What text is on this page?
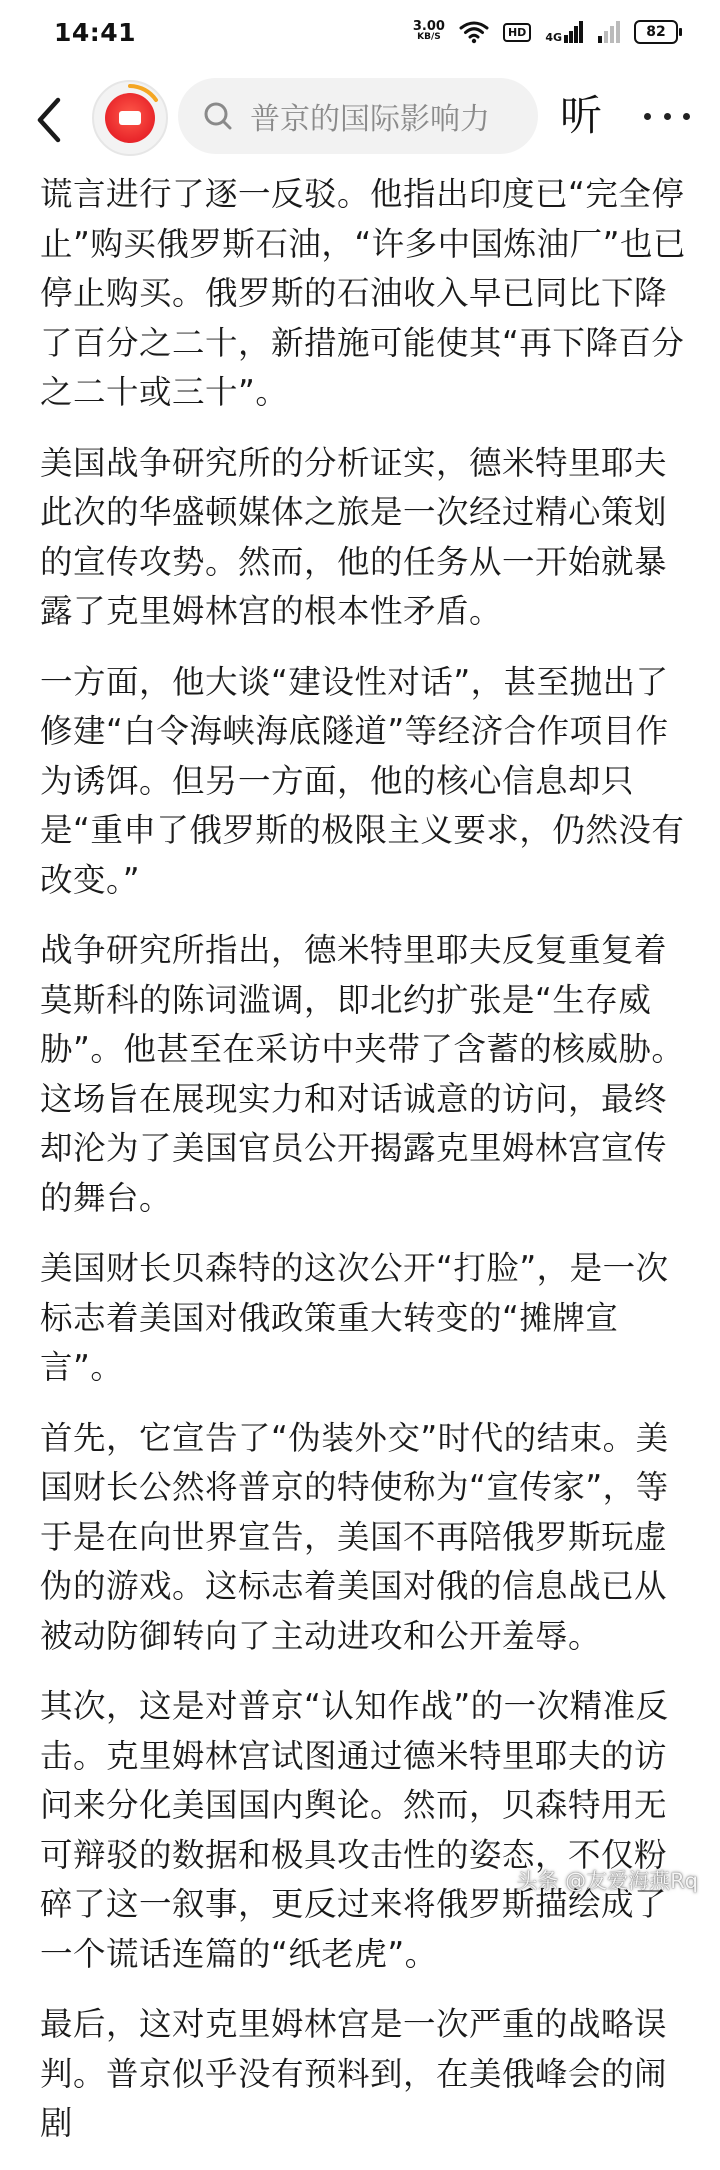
14:41	3.00
KB/S	HD	4G	82
普京的国际影响力 听

谎言进行了逐一反驳。他指出印度已“完全停止”购买俄罗斯石油，“许多中国炼油厂”也已停止购买。俄罗斯的石油收入早已同比下降了百分之二十，新措施可能使其“再下降百分之二十或三十”。

美国战争研究所的分析证实，德米特里耶夫此次的华盛顿媒体之旅是一次经过精心策划的宣传攻势。然而，他的任务从一开始就暴露了克里姆林宫的根本性矛盾。

一方面，他大谈“建设性对话”，甚至抛出了修建“白令海峡海底隧道”等经济合作项目作为诱饵。但另一方面，他的核心信息却只是“重申了俄罗斯的极限主义要求，仍然没有改变。”

战争研究所指出，德米特里耶夫反复重复着莫斯科的陈词滥调，即北约扩张是“生存威胁”。他甚至在采访中夹带了含蓄的核威胁。这场旨在展现实力和对话诚意的访问，最终却沦为了美国官员公开揭露克里姆林宫宣传的舞台。

美国财长贝森特的这次公开“打脸”，是一次标志着美国对俄政策重大转变的“摊牌宣言”。

首先，它宣告了“伪装外交”时代的结束。美国财长公然将普京的特使称为“宣传家”，等于是在向世界宣告，美国不再陪俄罗斯玩虚伪的游戏。这标志着美国对俄的信息战已从被动防御转向了主动进攻和公开羞辱。

其次，这是对普京“认知作战”的一次精准反击。克里姆林宫试图通过德米特里耶夫的访问来分化美国国内舆论。然而，贝森特用无可辩驳的数据和极具攻击性的姿态，不仅粉碎了这一叙事，更反过来将俄罗斯描绘成了一个谎话连篇的“纸老虎”。

最后，这对克里姆林宫是一次严重的战略误判。普京似乎没有预料到，在美俄峰会的闹剧

头条 @友爱海燕Rq
